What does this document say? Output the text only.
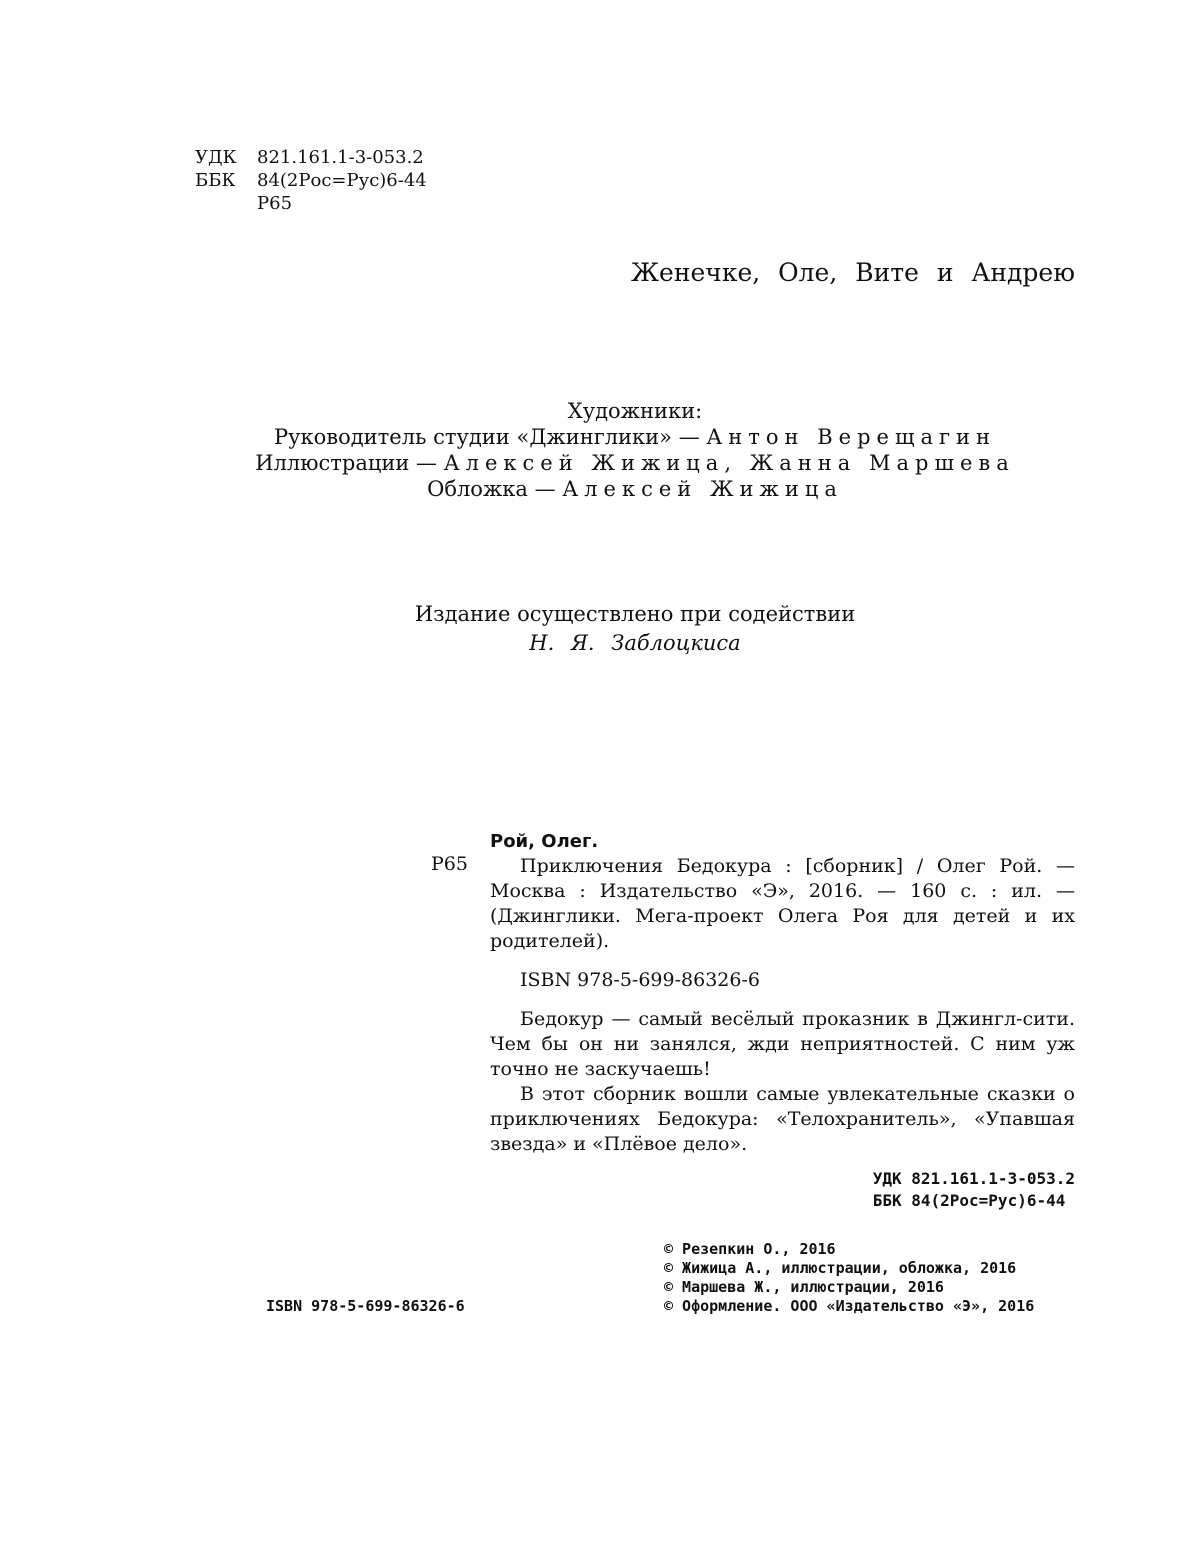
УДК 821.161.1-3-053.2
ББК 84(2Рос=Рус)6-44
Р65
Женечке, Оле, Вите и Андрею
Художники:
Руководитель студии «Джинглики» — Антон Верещагин
Иллюстрации — Алексей Жижица, Жанна Маршева
Обложка — Алексей Жижица
Издание осуществлено при содействии
Н. Я. Заблоцкиса
Р65
Рой, Олег.

Приключения Бедокура : [сборник] / Олег Рой. — Москва : Издательство «Э», 2016. — 160 с. : ил. — (Джинглики. Мега-проект Олега Роя для детей и их родителей).

ISBN 978-5-699-86326-6

Бедокур — самый весёлый проказник в Джингл-сити. Чем бы он ни занялся, жди неприятностей. С ним уж точно не заскучаешь!

В этот сборник вошли самые увлекательные сказки о приключениях Бедокура: «Телохранитель», «Упавшая звезда» и «Плёвое дело».

УДК 821.161.1-3-053.2
ББК 84(2Рос=Рус)6-44
© Резепкин О., 2016
© Жижица А., иллюстрации, обложка, 2016
© Маршева Ж., иллюстрации, 2016
© Оформление. ООО «Издательство «Э», 2016
ISBN 978-5-699-86326-6
